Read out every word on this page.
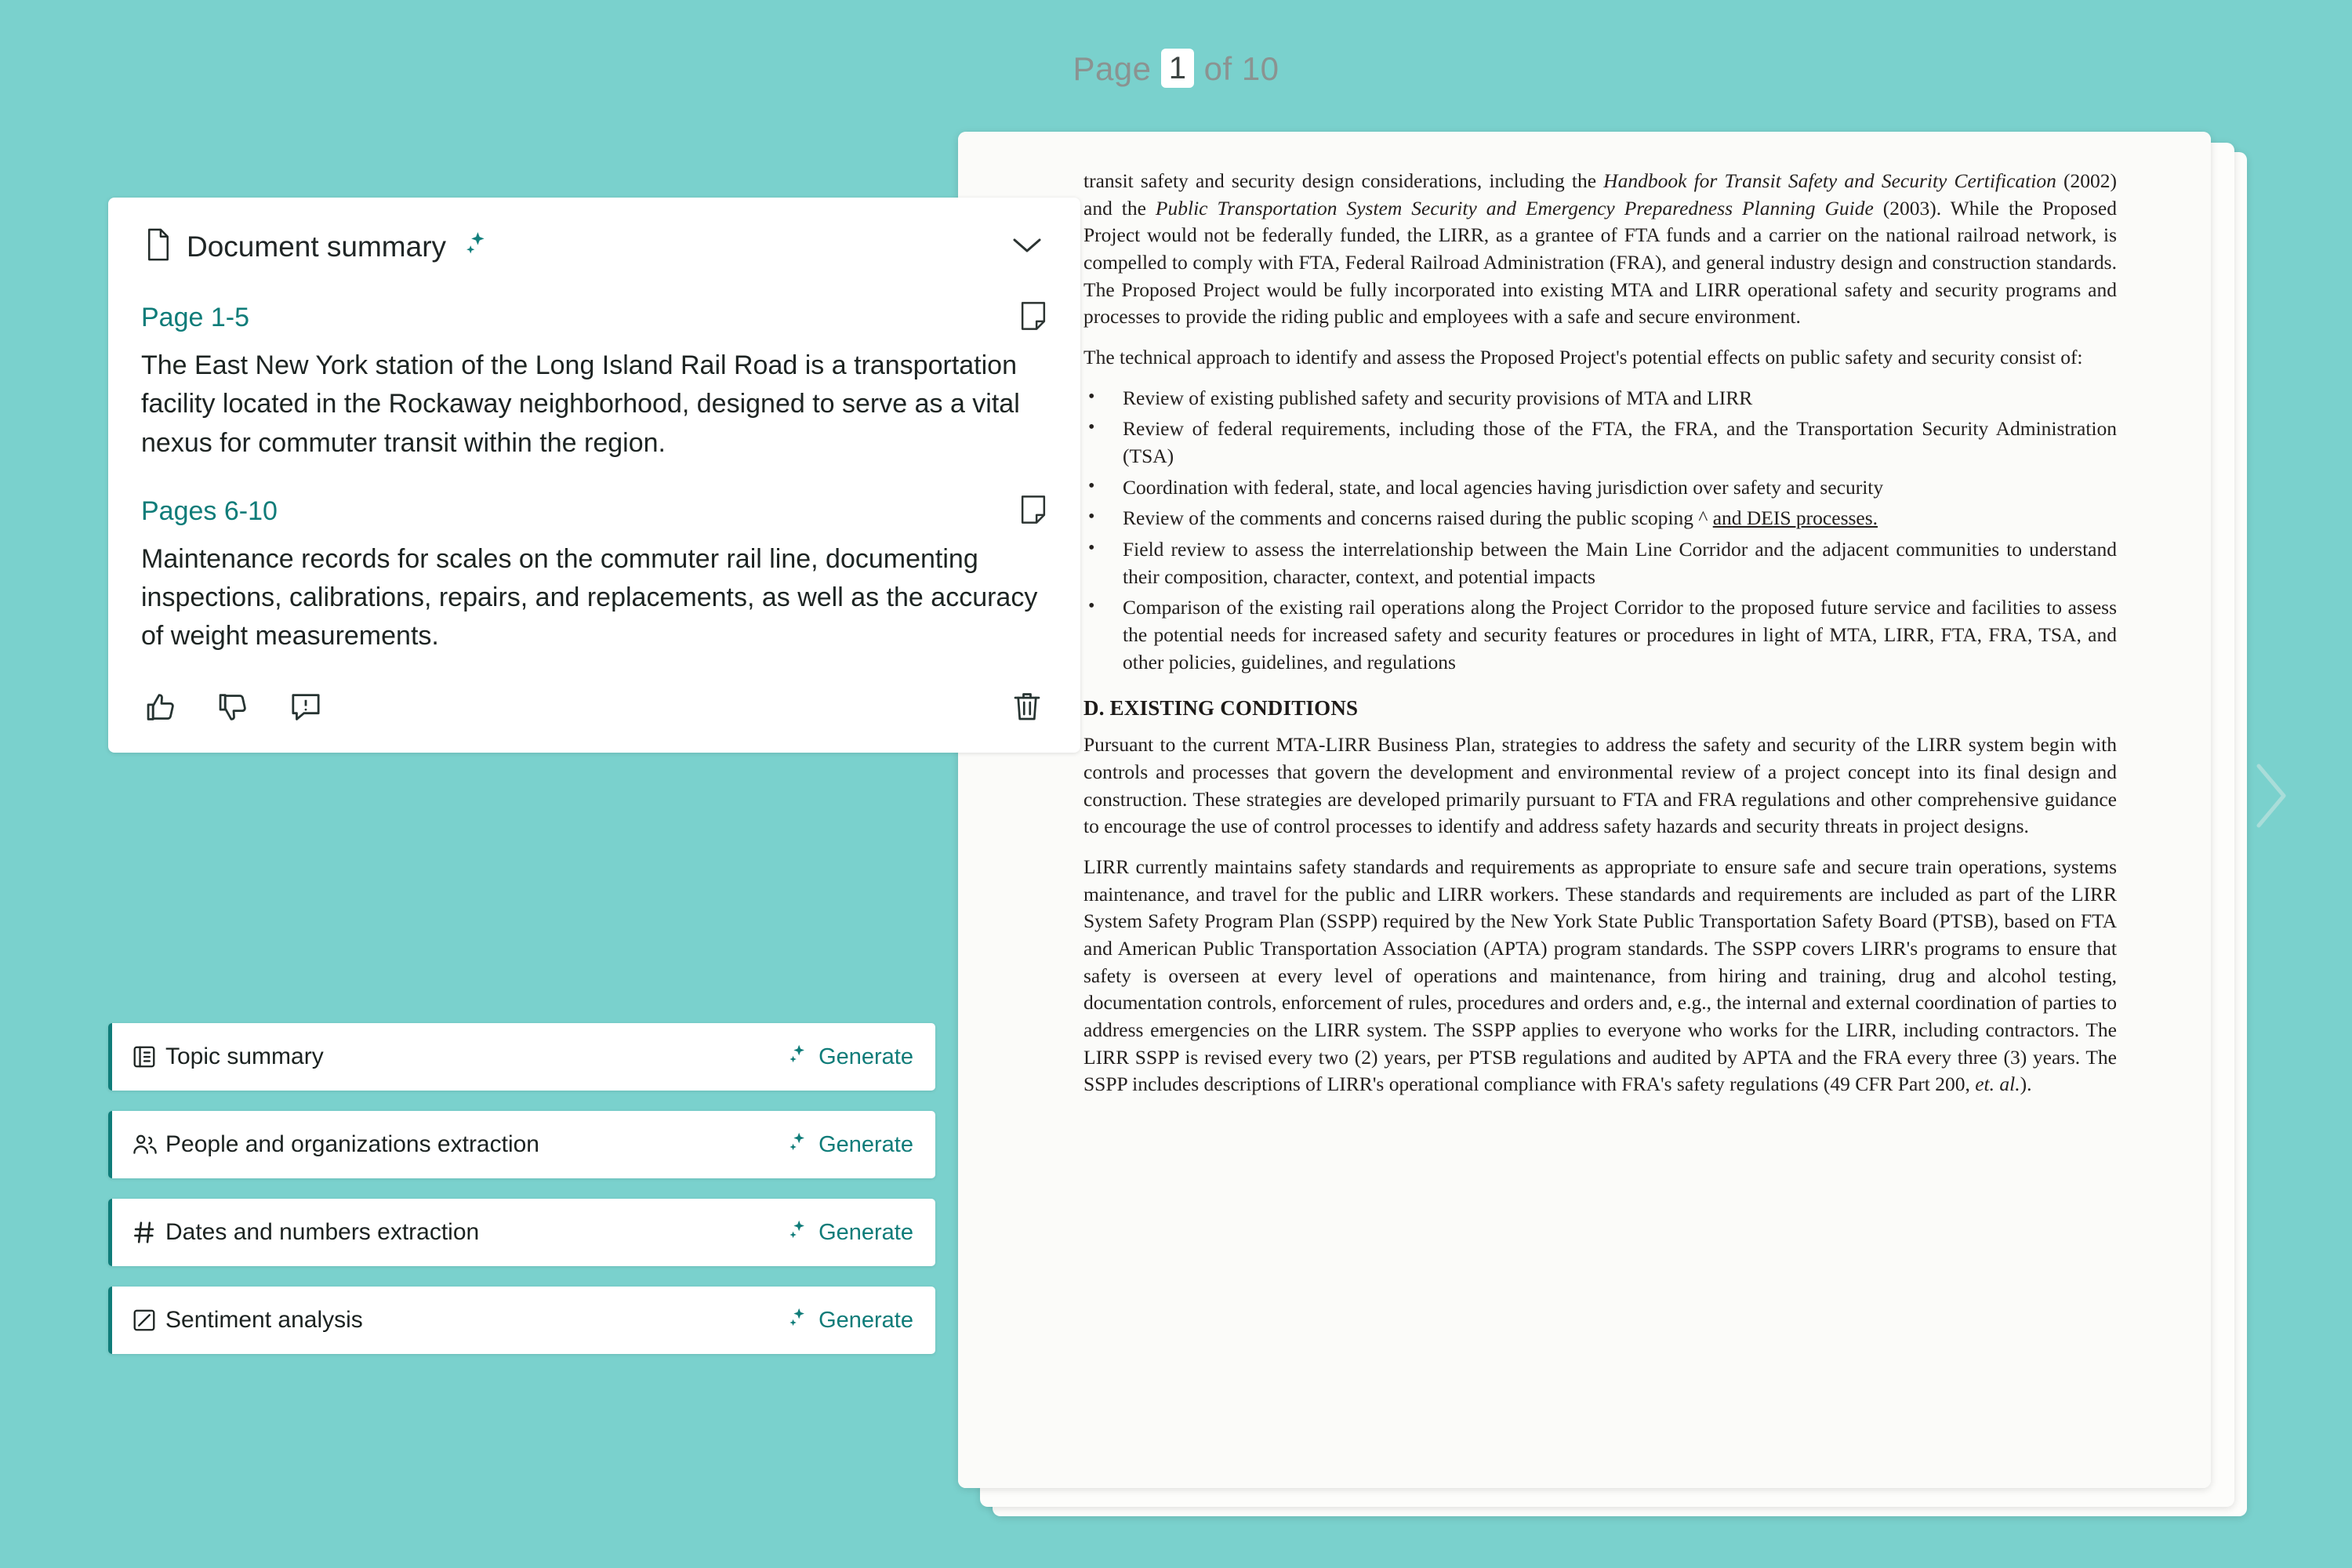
Page 1 of 10

transit safety and security design considerations, including the Handbook for Transit Safety and Security Certification (2002) and the Public Transportation System Security and Emergency Preparedness Planning Guide (2003). While the Proposed Project would not be federally funded, the LIRR, as a grantee of FTA funds and a carrier on the national railroad network, is compelled to comply with FTA, Federal Railroad Administration (FRA), and general industry design and construction standards. The Proposed Project would be fully incorporated into existing MTA and LIRR operational safety and security programs and processes to provide the riding public and employees with a safe and secure environment.

The technical approach to identify and assess the Proposed Project's potential effects on public safety and security consist of:

• Review of existing published safety and security provisions of MTA and LIRR
• Review of federal requirements, including those of the FTA, the FRA, and the Transportation Security Administration (TSA)
• Coordination with federal, state, and local agencies having jurisdiction over safety and security
• Review of the comments and concerns raised during the public scoping ^ and DEIS processes.
• Field review to assess the interrelationship between the Main Line Corridor and the adjacent communities to understand their composition, character, context, and potential impacts
• Comparison of the existing rail operations along the Project Corridor to the proposed future service and facilities to assess the potential needs for increased safety and security features or procedures in light of MTA, LIRR, FTA, FRA, TSA, and other policies, guidelines, and regulations
D. EXISTING CONDITIONS

Pursuant to the current MTA-LIRR Business Plan, strategies to address the safety and security of the LIRR system begin with controls and processes that govern the development and environmental review of a project concept into its final design and construction. These strategies are developed primarily pursuant to FTA and FRA regulations and other comprehensive guidance to encourage the use of control processes to identify and address safety hazards and security threats in project designs.

LIRR currently maintains safety standards and requirements as appropriate to ensure safe and secure train operations, systems maintenance, and travel for the public and LIRR workers. These standards and requirements are included as part of the LIRR System Safety Program Plan (SSPP) required by the New York State Public Transportation Safety Board (PTSB), based on FTA and American Public Transportation Association (APTA) program standards. The SSPP covers LIRR's programs to ensure that safety is overseen at every level of operations and maintenance, from hiring and training, drug and alcohol testing, documentation controls, enforcement of rules, procedures and orders and, e.g., the internal and external coordination of parties to address emergencies on the LIRR system. The SSPP applies to everyone who works for the LIRR, including contractors. The LIRR SSPP is revised every two (2) years, per PTSB regulations and audited by APTA and the FRA every three (3) years. The SSPP includes descriptions of LIRR's operational compliance with FRA's safety regulations (49 CFR Part 200, et. al.).

Document summary
Page 1-5
The East New York station of the Long Island Rail Road is a transportation facility located in the Rockaway neighborhood, designed to serve as a vital nexus for commuter transit within the region.
Pages 6-10
Maintenance records for scales on the commuter rail line, documenting inspections, calibrations, repairs, and replacements, as well as the accuracy of weight measurements.
Topic summary	Generate
People and organizations extraction	Generate
Dates and numbers extraction	Generate
Sentiment analysis	Generate
